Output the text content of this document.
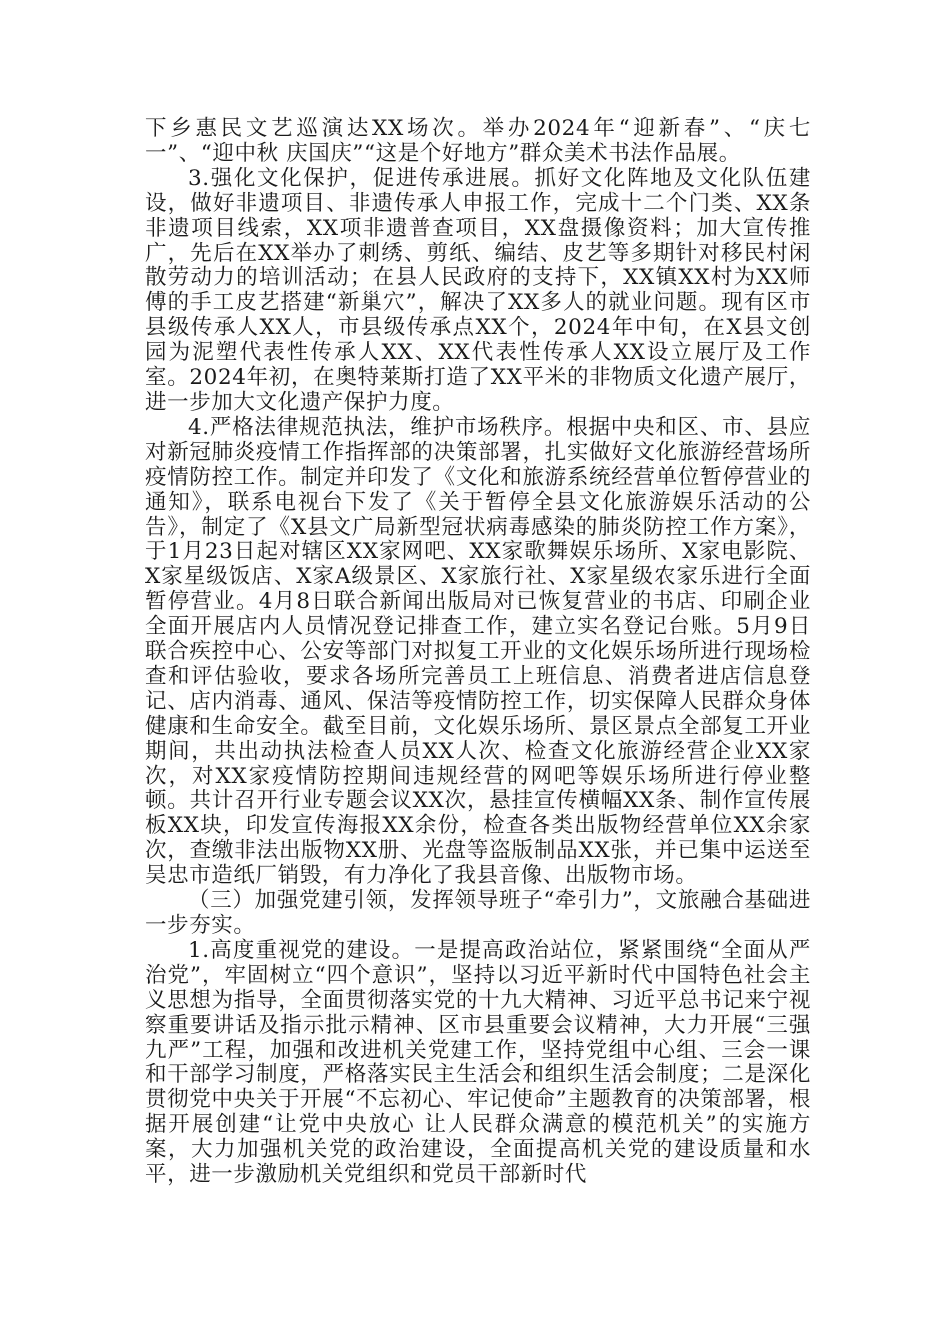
下乡惠民文艺巡演达XX场次。举办2024年“迎新春”、“庆七一”、“迎中秋 庆国庆”“这是个好地方”群众美术书法作品展。

3.强化文化保护，促进传承进展。抓好文化阵地及文化队伍建设，做好非遗项目、非遗传承人申报工作，完成十二个门类、XX条非遗项目线索，XX项非遗普查项目，XX盘摄像资料；加大宣传推广，先后在XX举办了刺绣、剪纸、编结、皮艺等多期针对移民村闲散劳动力的培训活动；在县人民政府的支持下，XX镇XX村为XX师傅的手工皮艺搭建“新巢穴”，解决了XX多人的就业问题。现有区市县级传承人XX人，市县级传承点XX个，2024年中旬，在X县文创园为泥塑代表性传承人XX、XX代表性传承人XX设立展厅及工作室。2024年初，在奥特莱斯打造了XX平米的非物质文化遗产展厅，进一步加大文化遗产保护力度。

4.严格法律规范执法，维护市场秩序。根据中央和区、市、县应对新冠肺炎疫情工作指挥部的决策部署，扎实做好文化旅游经营场所疫情防控工作。制定并印发了《文化和旅游系统经营单位暂停营业的通知》，联系电视台下发了《关于暂停全县文化旅游娱乐活动的公告》，制定了《X县文广局新型冠状病毒感染的肺炎防控工作方案》，于1月23日起对辖区XX家网吧、XX家歌舞娱乐场所、X家电影院、X家星级饭店、X家A级景区、X家旅行社、X家星级农家乐进行全面暂停营业。4月8日联合新闻出版局对已恢复营业的书店、印刷企业全面开展店内人员情况登记排查工作，建立实名登记台账。5月9日联合疾控中心、公安等部门对拟复工开业的文化娱乐场所进行现场检查和评估验收，要求各场所完善员工上班信息、消费者进店信息登记、店内消毒、通风、保洁等疫情防控工作，切实保障人民群众身体健康和生命安全。截至目前，文化娱乐场所、景区景点全部复工开业期间，共出动执法检查人员XX人次、检查文化旅游经营企业XX家次，对XX家疫情防控期间违规经营的网吧等娱乐场所进行停业整顿。共计召开行业专题会议XX次，悬挂宣传横幅XX条、制作宣传展板XX块，印发宣传海报XX余份，检查各类出版物经营单位XX余家次，查缴非法出版物XX册、光盘等盗版制品XX张，并已集中运送至吴忠市造纸厂销毁，有力净化了我县音像、出版物市场。

（三）加强党建引领，发挥领导班子“牵引力”，文旅融合基础进一步夯实。

1.高度重视党的建设。一是提高政治站位，紧紧围绕“全面从严治党”，牢固树立“四个意识”，坚持以习近平新时代中国特色社会主义思想为指导，全面贯彻落实党的十九大精神、习近平总书记来宁视察重要讲话及指示批示精神、区市县重要会议精神，大力开展“三强九严”工程，加强和改进机关党建工作，坚持党组中心组、三会一课和干部学习制度，严格落实民主生活会和组织生活会制度；二是深化贯彻党中央关于开展“不忘初心、牢记使命”主题教育的决策部署，根据开展创建“让党中央放心 让人民群众满意的模范机关”的实施方案，大力加强机关党的政治建设，全面提高机关党的建设质量和水平，进一步激励机关党组织和党员干部新时代
